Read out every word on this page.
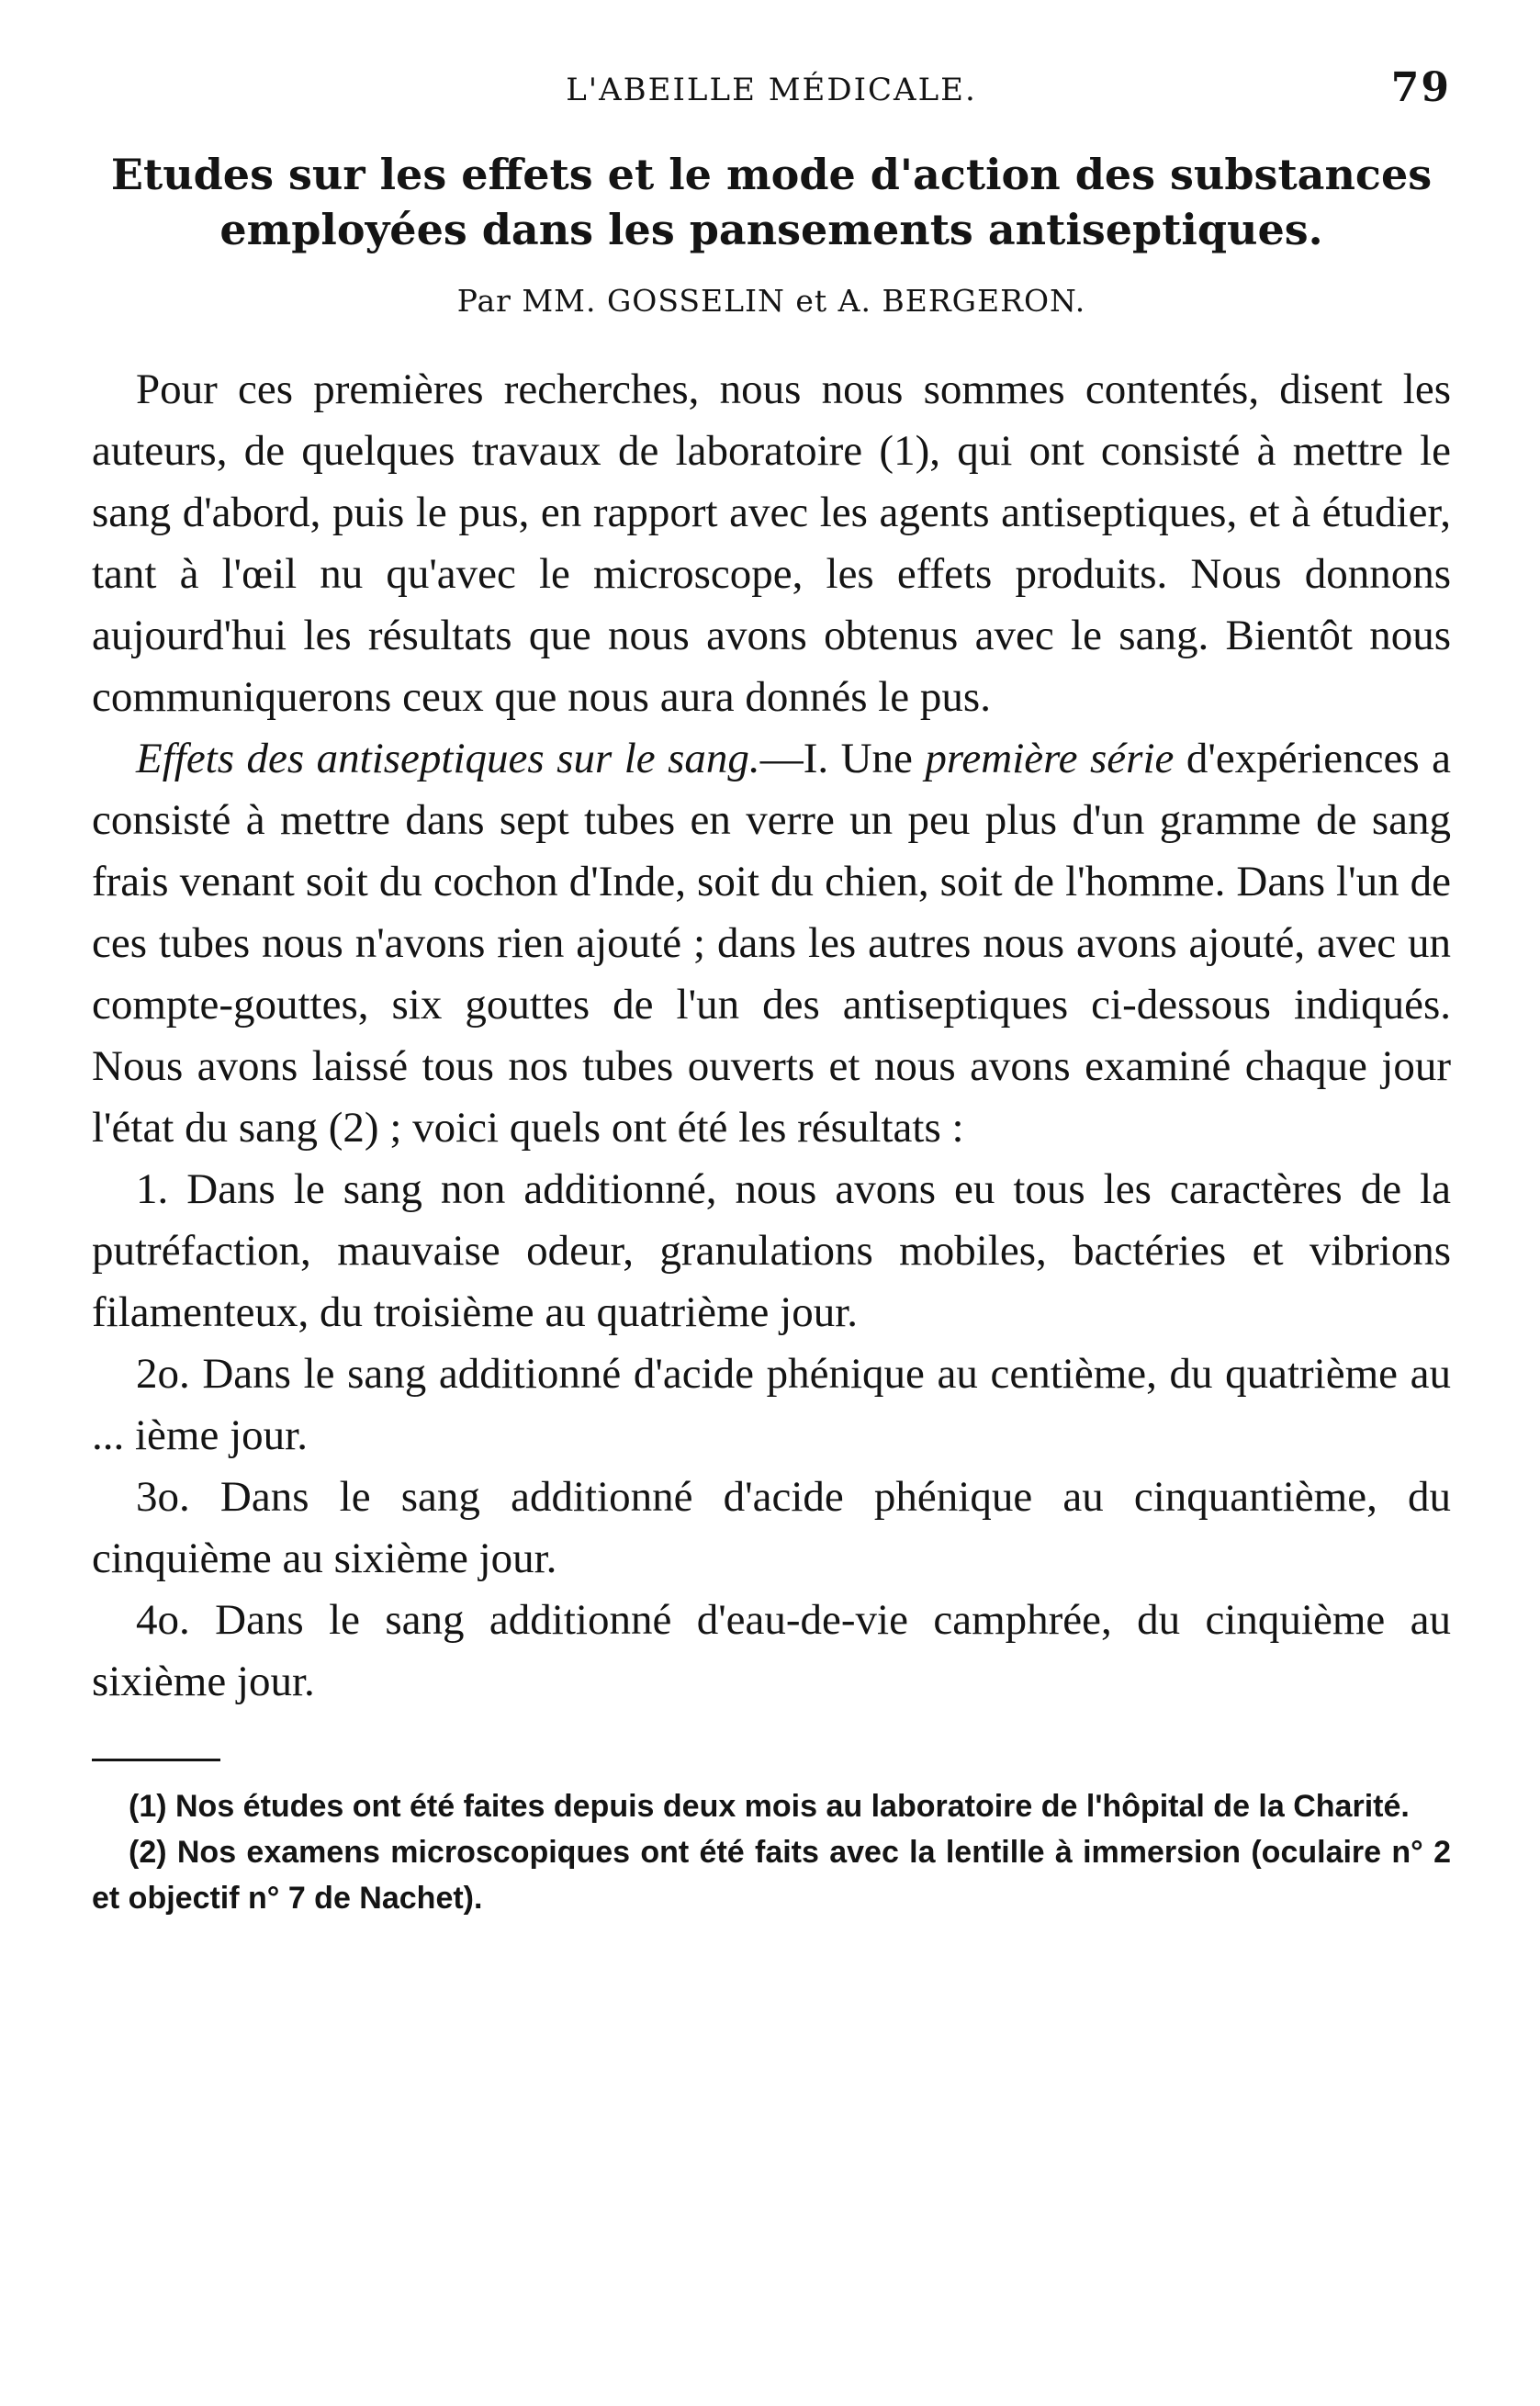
L'ABEILLE MÉDICALE.	79
Etudes sur les effets et le mode d'action des substances employées dans les pansements antiseptiques.
Par MM. GOSSELIN et A. BERGERON.

Pour ces premières recherches, nous nous sommes contentés, disent les auteurs, de quelques travaux de laboratoire (1), qui ont consisté à mettre le sang d'abord, puis le pus, en rapport avec les agents antiseptiques, et à étudier, tant à l'œil nu qu'avec le microscope, les effets produits. Nous donnons aujourd'hui les résultats que nous avons obtenus avec le sang. Bientôt nous communiquerons ceux que nous aura donnés le pus.

Effets des antiseptiques sur le sang.—I. Une première série d'expériences a consisté à mettre dans sept tubes en verre un peu plus d'un gramme de sang frais venant soit du cochon d'Inde, soit du chien, soit de l'homme. Dans l'un de ces tubes nous n'avons rien ajouté ; dans les autres nous avons ajouté, avec un compte-gouttes, six gouttes de l'un des antiseptiques ci-dessous indiqués. Nous avons laissé tous nos tubes ouverts et nous avons examiné chaque jour l'état du sang (2) ; voici quels ont été les résultats :

1. Dans le sang non additionné, nous avons eu tous les caractères de la putréfaction, mauvaise odeur, granulations mobiles, bactéries et vibrions filamenteux, du troisième au quatrième jour.

2o. Dans le sang additionné d'acide phénique au centième, du quatrième au ... ième jour.

3o. Dans le sang additionné d'acide phénique au cinquantième, du cinquième au sixième jour.

4o. Dans le sang additionné d'eau-de-vie camphrée, du cinquième au sixième jour.

(1) Nos études ont été faites depuis deux mois au laboratoire de l'hôpital de la Charité.

(2) Nos examens microscopiques ont été faits avec la lentille à immersion (oculaire n° 2 et objectif n° 7 de Nachet).
